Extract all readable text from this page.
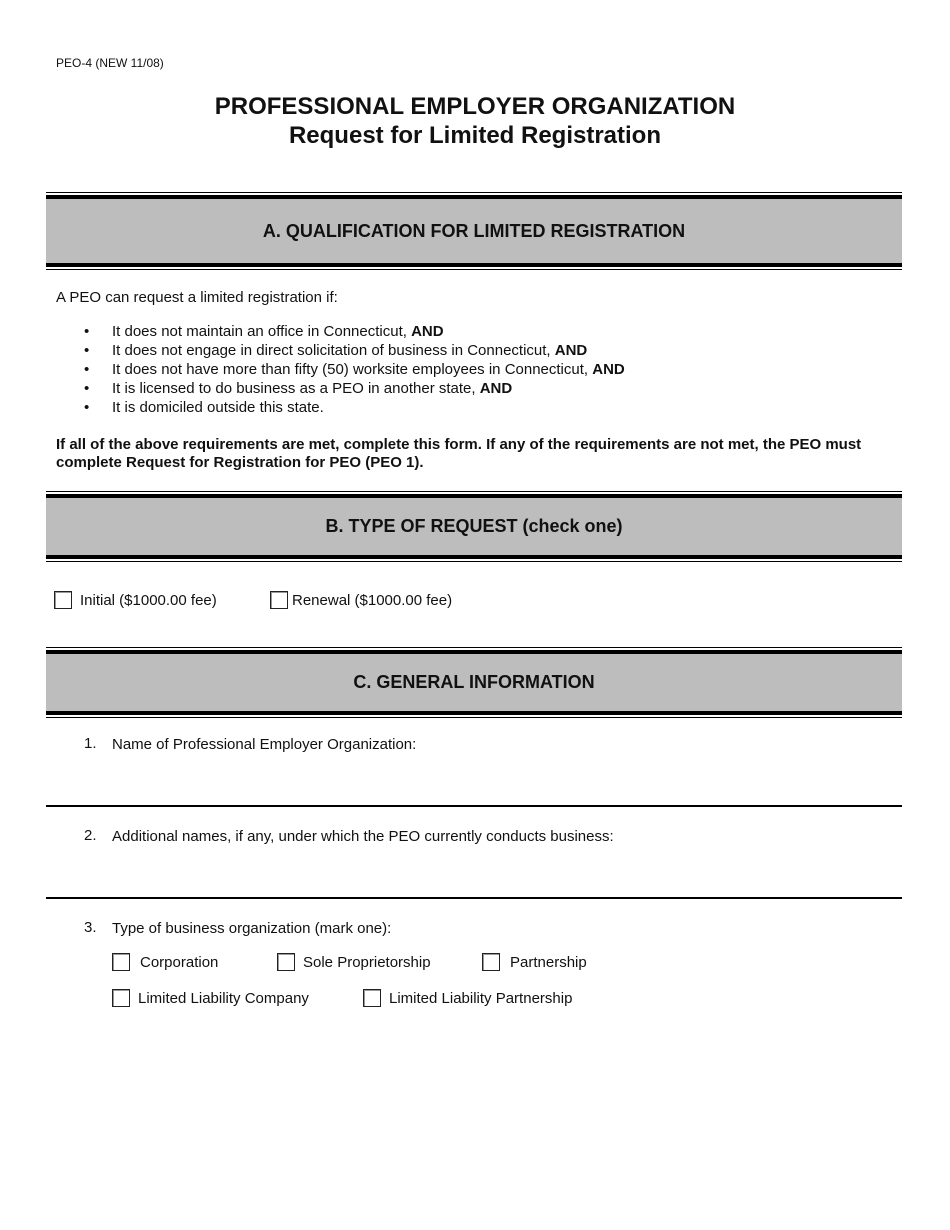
PEO-4 (NEW 11/08)
PROFESSIONAL EMPLOYER ORGANIZATION
Request for Limited Registration
A. QUALIFICATION FOR LIMITED REGISTRATION
A PEO can request a limited registration if:
• It does not maintain an office in Connecticut, AND
• It does not engage in direct solicitation of business in Connecticut, AND
• It does not have more than fifty (50) worksite employees in Connecticut, AND
• It is licensed to do business as a PEO in another state, AND
• It is domiciled outside this state.
If all of the above requirements are met, complete this form. If any of the requirements are not met, the PEO must complete Request for Registration for PEO (PEO 1).
B. TYPE OF REQUEST (check one)
Initial ($1000.00 fee)	Renewal ($1000.00 fee)
C. GENERAL INFORMATION
1. Name of Professional Employer Organization:
2. Additional names, if any, under which the PEO currently conducts business:
3. Type of business organization (mark one):
Corporation	Sole Proprietorship	Partnership
Limited Liability Company	Limited Liability Partnership
